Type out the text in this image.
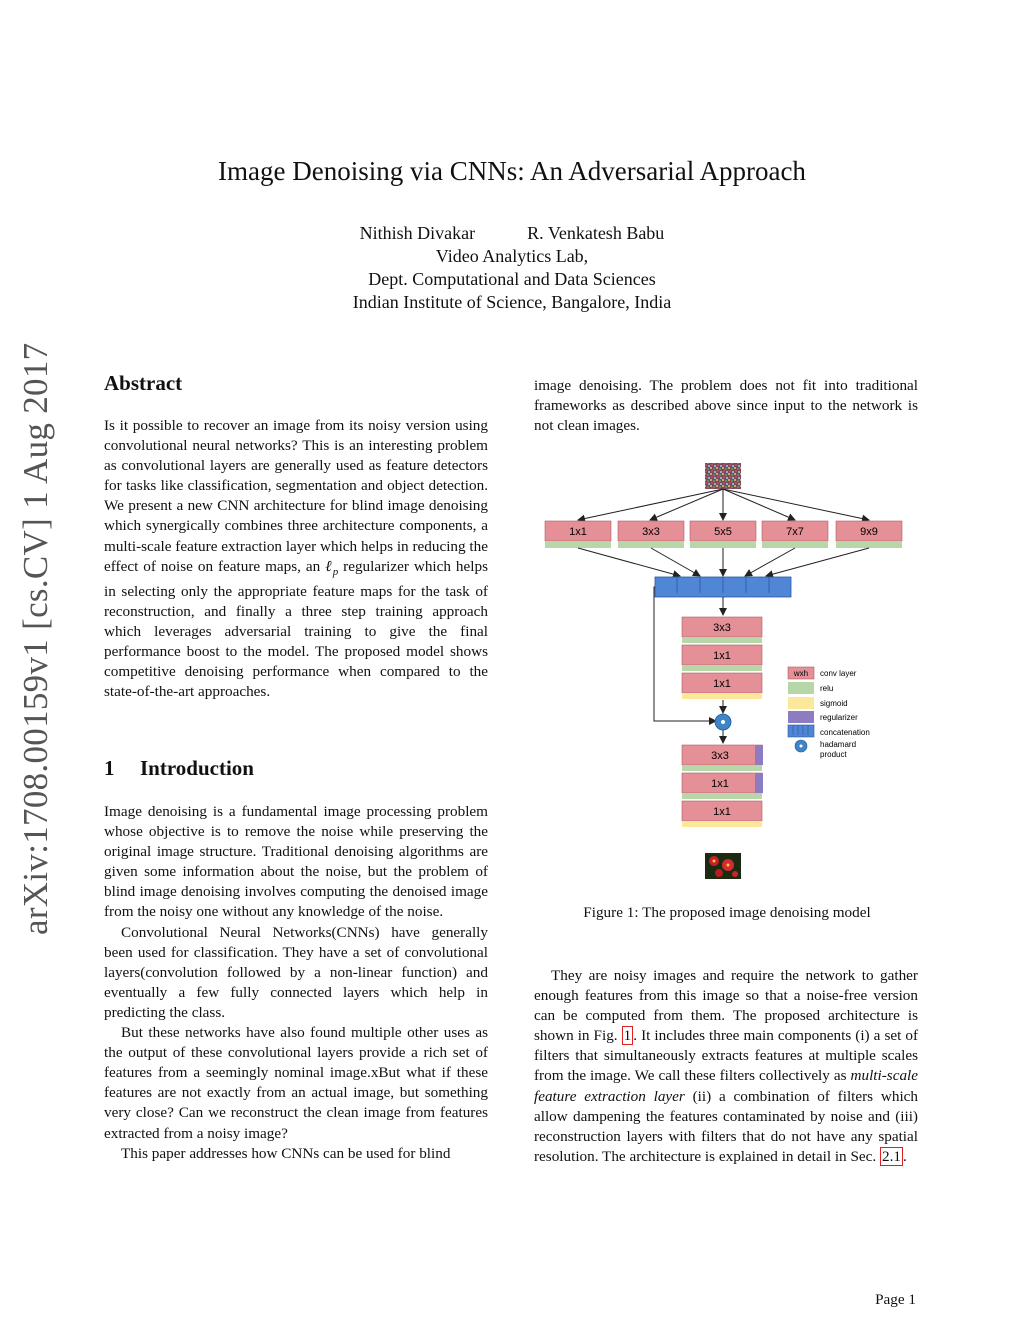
Image Denoising via CNNs: An Adversarial Approach
Nithish Divakar	R. Venkatesh Babu
Video Analytics Lab,
Dept. Computational and Data Sciences
Indian Institute of Science, Bangalore, India
arXiv:1708.00159v1 [cs.CV] 1 Aug 2017 Abstract

Is it possible to recover an image from its noisy version using convolutional neural networks? This is an interesting problem as convolutional layers are generally used as feature detectors for tasks like classification, segmentation and object detection. We present a new CNN architecture for blind image denoising which synergically combines three architecture components, a multi-scale feature extraction layer which helps in reducing the effect of noise on feature maps, an ℓ$_p$ regularizer which helps in selecting only the appropriate feature maps for the task of reconstruction, and finally a three step training approach which leverages adversarial training to give the final performance boost to the model. The proposed model shows competitive denoising performance when compared to the state-of-the-art approaches.

1 Introduction

Image denoising is a fundamental image processing problem whose objective is to remove the noise while preserving the original image structure. Traditional denoising algorithms are given some information about the noise, but the problem of blind image denoising involves computing the denoised image from the noisy one without any knowledge of the noise.

Convolutional Neural Networks(CNNs) have generally been used for classification. They have a set of convolutional layers(convolution followed by a non-linear function) and eventually a few fully connected layers which help in predicting the class.

But these networks have also found multiple other uses as the output of these convolutional layers provide a rich set of features from a seemingly nominal image.xBut what if these features are not exactly from an actual image, but something very close? Can we reconstruct the clean image from features extracted from a noisy image?

This paper addresses how CNNs can be used for blind

image denoising. The problem does not fit into traditional frameworks as described above since input to the network is not clean images.

1x1	3x3	5x5	7x7	9x9
3x3
1x1
1x1
3x3
1x1
1x1
wxh conv layer
relu
sigmoid
regularizer
concatenation
hadamard
product
Figure 1: The proposed image denoising model

They are noisy images and require the network to gather enough features from this image so that a noise-free version can be computed from them. The proposed architecture is shown in Fig. 1 . It includes three main components (i) a set of filters that simultaneously extracts features at multiple scales from the image. We call these filters collectively as multi-scale feature extraction layer (ii) a combination of filters which allow dampening the features contaminated by noise and (iii) reconstruction layers with filters that do not have any spatial resolution. The architecture is explained in detail in Sec. 2.1 .

Page 1
